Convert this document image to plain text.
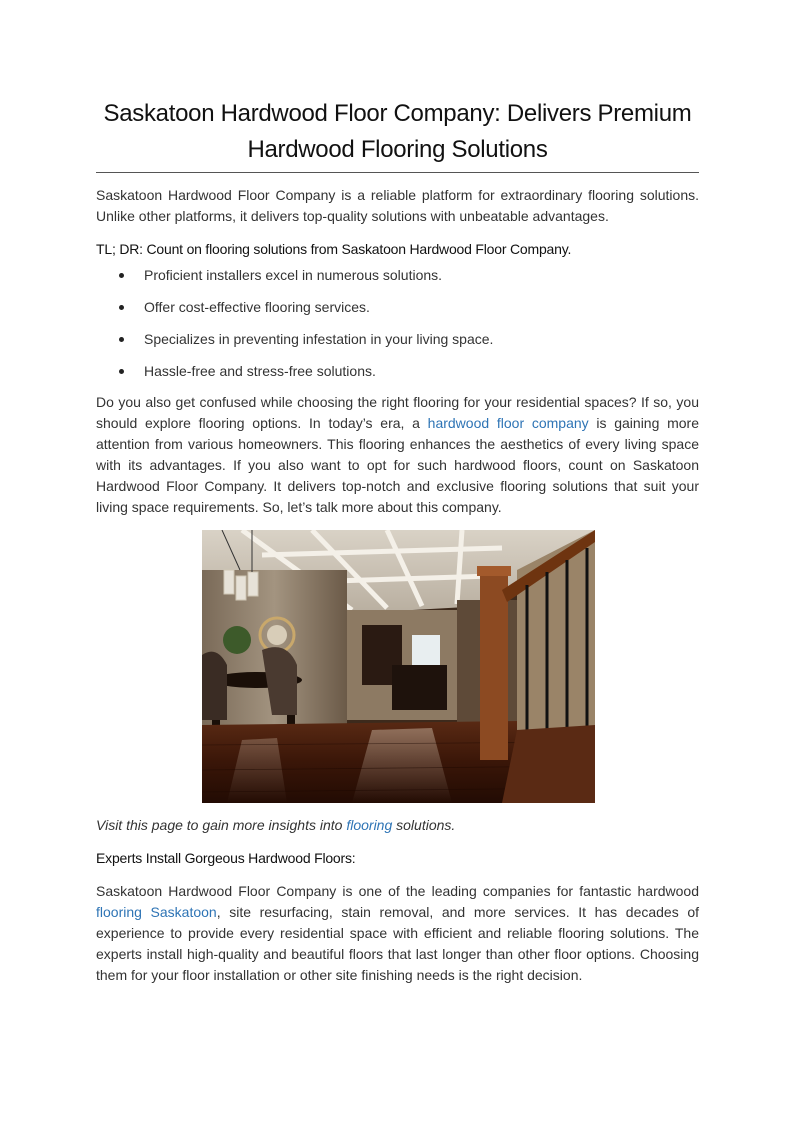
Saskatoon Hardwood Floor Company: Delivers Premium
Hardwood Flooring Solutions

Saskatoon Hardwood Floor Company is a reliable platform for extraordinary flooring solutions. Unlike other platforms, it delivers top-quality solutions with unbeatable advantages.

TL; DR: Count on flooring solutions from Saskatoon Hardwood Floor Company.

Proficient installers excel in numerous solutions.
Offer cost-effective flooring services.
Specializes in preventing infestation in your living space.
Hassle-free and stress-free solutions.

Do you also get confused while choosing the right flooring for your residential spaces? If so, you should explore flooring options. In today’s era, a hardwood floor company is gaining more attention from various homeowners. This flooring enhances the aesthetics of every living space with its advantages. If you also want to opt for such hardwood floors, count on Saskatoon Hardwood Floor Company. It delivers top-notch and exclusive flooring solutions that suit your living space requirements. So, let’s talk more about this company.

Visit this page to gain more insights into flooring solutions.

Experts Install Gorgeous Hardwood Floors:

Saskatoon Hardwood Floor Company is one of the leading companies for fantastic hardwood flooring Saskatoon, site resurfacing, stain removal, and more services. It has decades of experience to provide every residential space with efficient and reliable flooring solutions. The experts install high-quality and beautiful floors that last longer than other floor options. Choosing them for your floor installation or other site finishing needs is the right decision.
